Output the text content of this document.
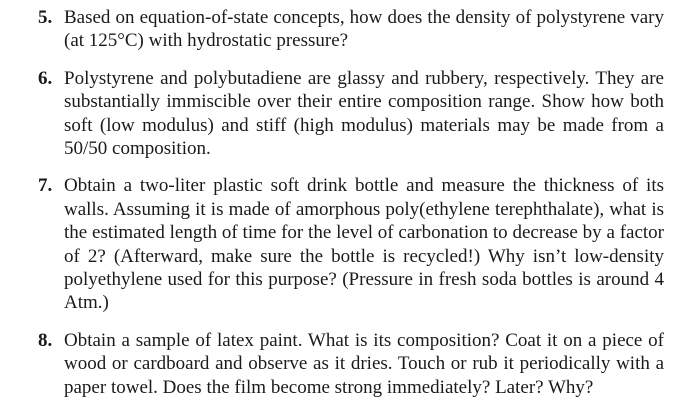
5. Based on equation-of-state concepts, how does the density of polystyrene vary (at 125°C) with hydrostatic pressure?
6. Polystyrene and polybutadiene are glassy and rubbery, respectively. They are substantially immiscible over their entire composition range. Show how both soft (low modulus) and stiff (high modulus) materials may be made from a 50/50 composition.
7. Obtain a two-liter plastic soft drink bottle and measure the thickness of its walls. Assuming it is made of amorphous poly(ethylene terephthalate), what is the estimated length of time for the level of carbonation to decrease by a factor of 2? (Afterward, make sure the bottle is recycled!) Why isn’t low-density polyethylene used for this purpose? (Pressure in fresh soda bottles is around 4 Atm.)
8. Obtain a sample of latex paint. What is its composition? Coat it on a piece of wood or cardboard and observe as it dries. Touch or rub it periodically with a paper towel. Does the film become strong immediately? Later? Why?
